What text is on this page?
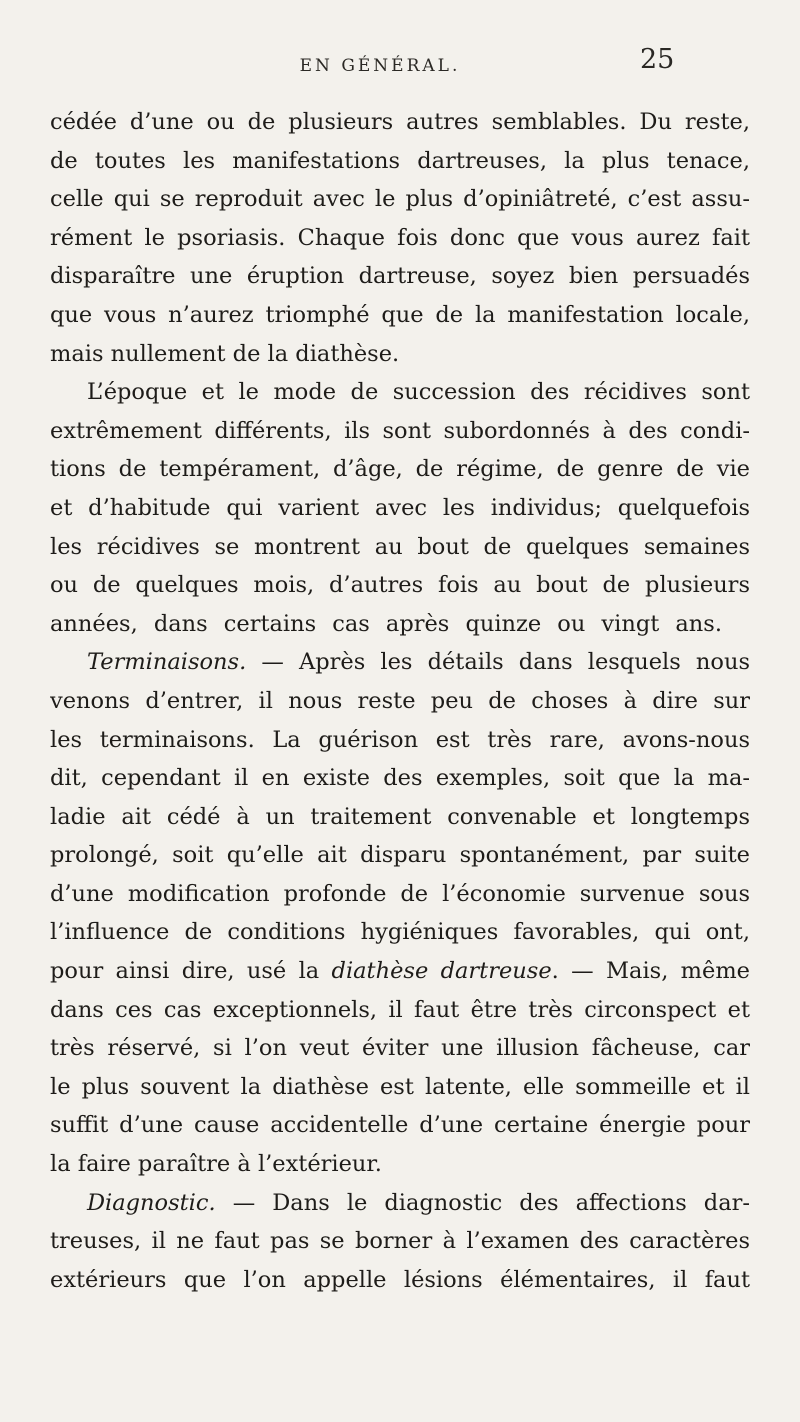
EN GÉNÉRAL.	25
cédée d’une ou de plusieurs autres semblables. Du reste,
de toutes les manifestations dartreuses, la plus tenace,
celle qui se reproduit avec le plus d’opiniâtreté, c’est assu-
rément le psoriasis. Chaque fois donc que vous aurez fait
disparaître une éruption dartreuse, soyez bien persuadés
que vous n’aurez triomphé que de la manifestation locale,
mais nullement de la diathèse.
L’époque et le mode de succession des récidives sont
extrêmement différents, ils sont subordonnés à des condi-
tions de tempérament, d’âge, de régime, de genre de vie
et d’habitude qui varient avec les individus; quelquefois
les récidives se montrent au bout de quelques semaines
ou de quelques mois, d’autres fois au bout de plusieurs
années, dans certains cas après quinze ou vingt ans.
Terminaisons. — Après les détails dans lesquels nous
venons d’entrer, il nous reste peu de choses à dire sur
les terminaisons. La guérison est très rare, avons-nous
dit, cependant il en existe des exemples, soit que la ma-
ladie ait cédé à un traitement convenable et longtemps
prolongé, soit qu’elle ait disparu spontanément, par suite
d’une modification profonde de l’économie survenue sous
l’influence de conditions hygiéniques favorables, qui ont,
pour ainsi dire, usé la diathèse dartreuse. — Mais, même
dans ces cas exceptionnels, il faut être très circonspect et
très réservé, si l’on veut éviter une illusion fâcheuse, car
le plus souvent la diathèse est latente, elle sommeille et il
suffit d’une cause accidentelle d’une certaine énergie pour
la faire paraître à l’extérieur.
Diagnostic. — Dans le diagnostic des affections dar-
treuses, il ne faut pas se borner à l’examen des caractères
extérieurs que l’on appelle lésions élémentaires, il faut
